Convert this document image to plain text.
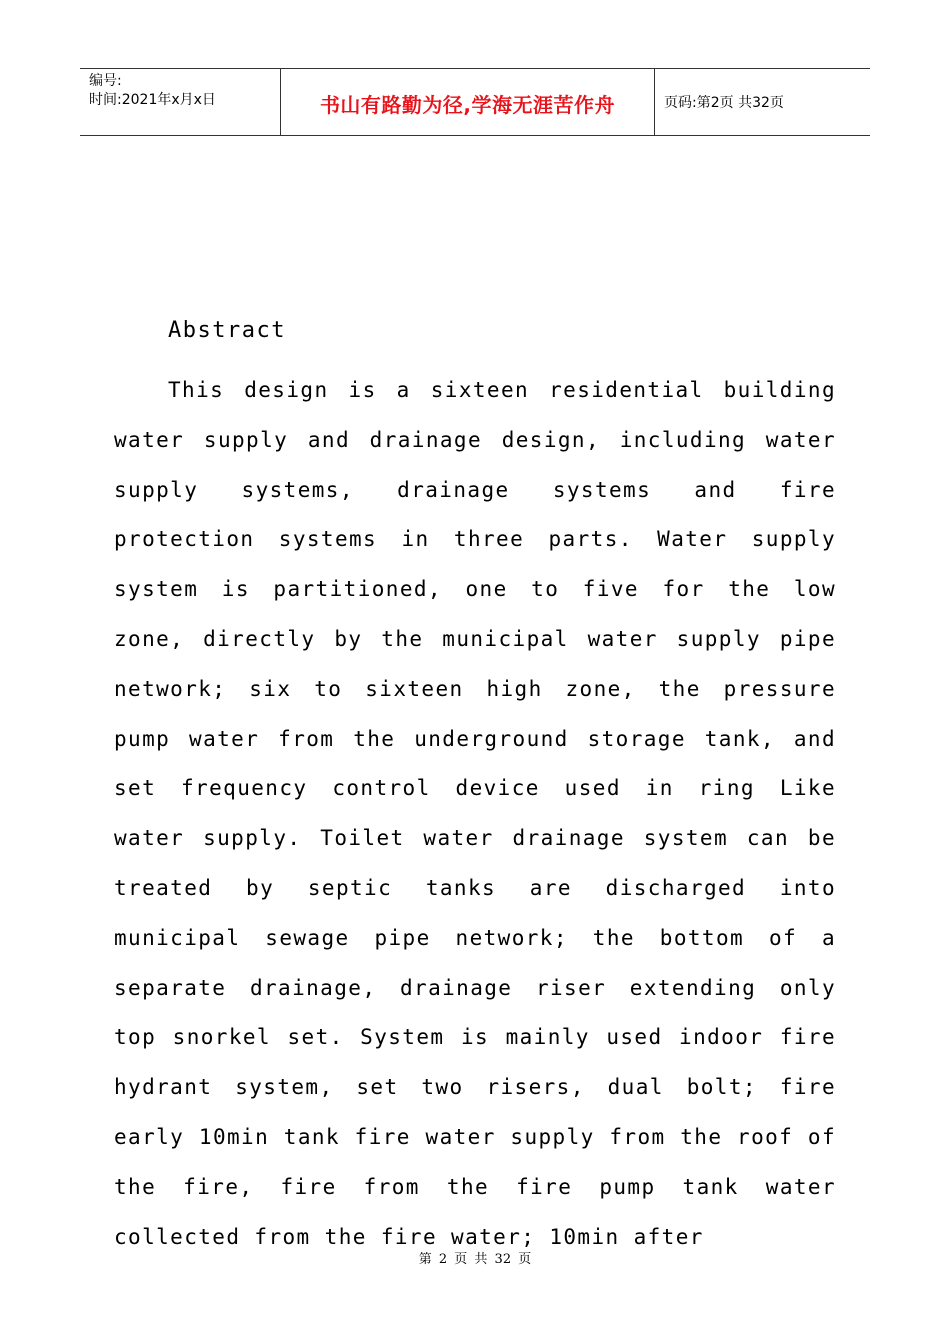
编号:
时间:2021年x月x日	书山有路勤为径,学海无涯苦作舟	页码:第2页 共32页
Abstract

This design is a sixteen residential building water supply and drainage design, including water supply systems, drainage systems and fire protection systems in three parts. Water supply system is partitioned, one to five for the low zone, directly by the municipal water supply pipe network; six to sixteen high zone, the pressure pump water from the underground storage tank, and set frequency control device used in ring Like water supply. Toilet water drainage system can be treated by septic tanks are discharged into municipal sewage pipe network; the bottom of a separate drainage, drainage riser extending only top snorkel set. System is mainly used indoor fire hydrant system, set two risers, dual bolt; fire early 10min tank fire water supply from the roof of the fire, fire from the fire pump tank water collected from the fire water; 10min after

第 2 页 共 32 页
